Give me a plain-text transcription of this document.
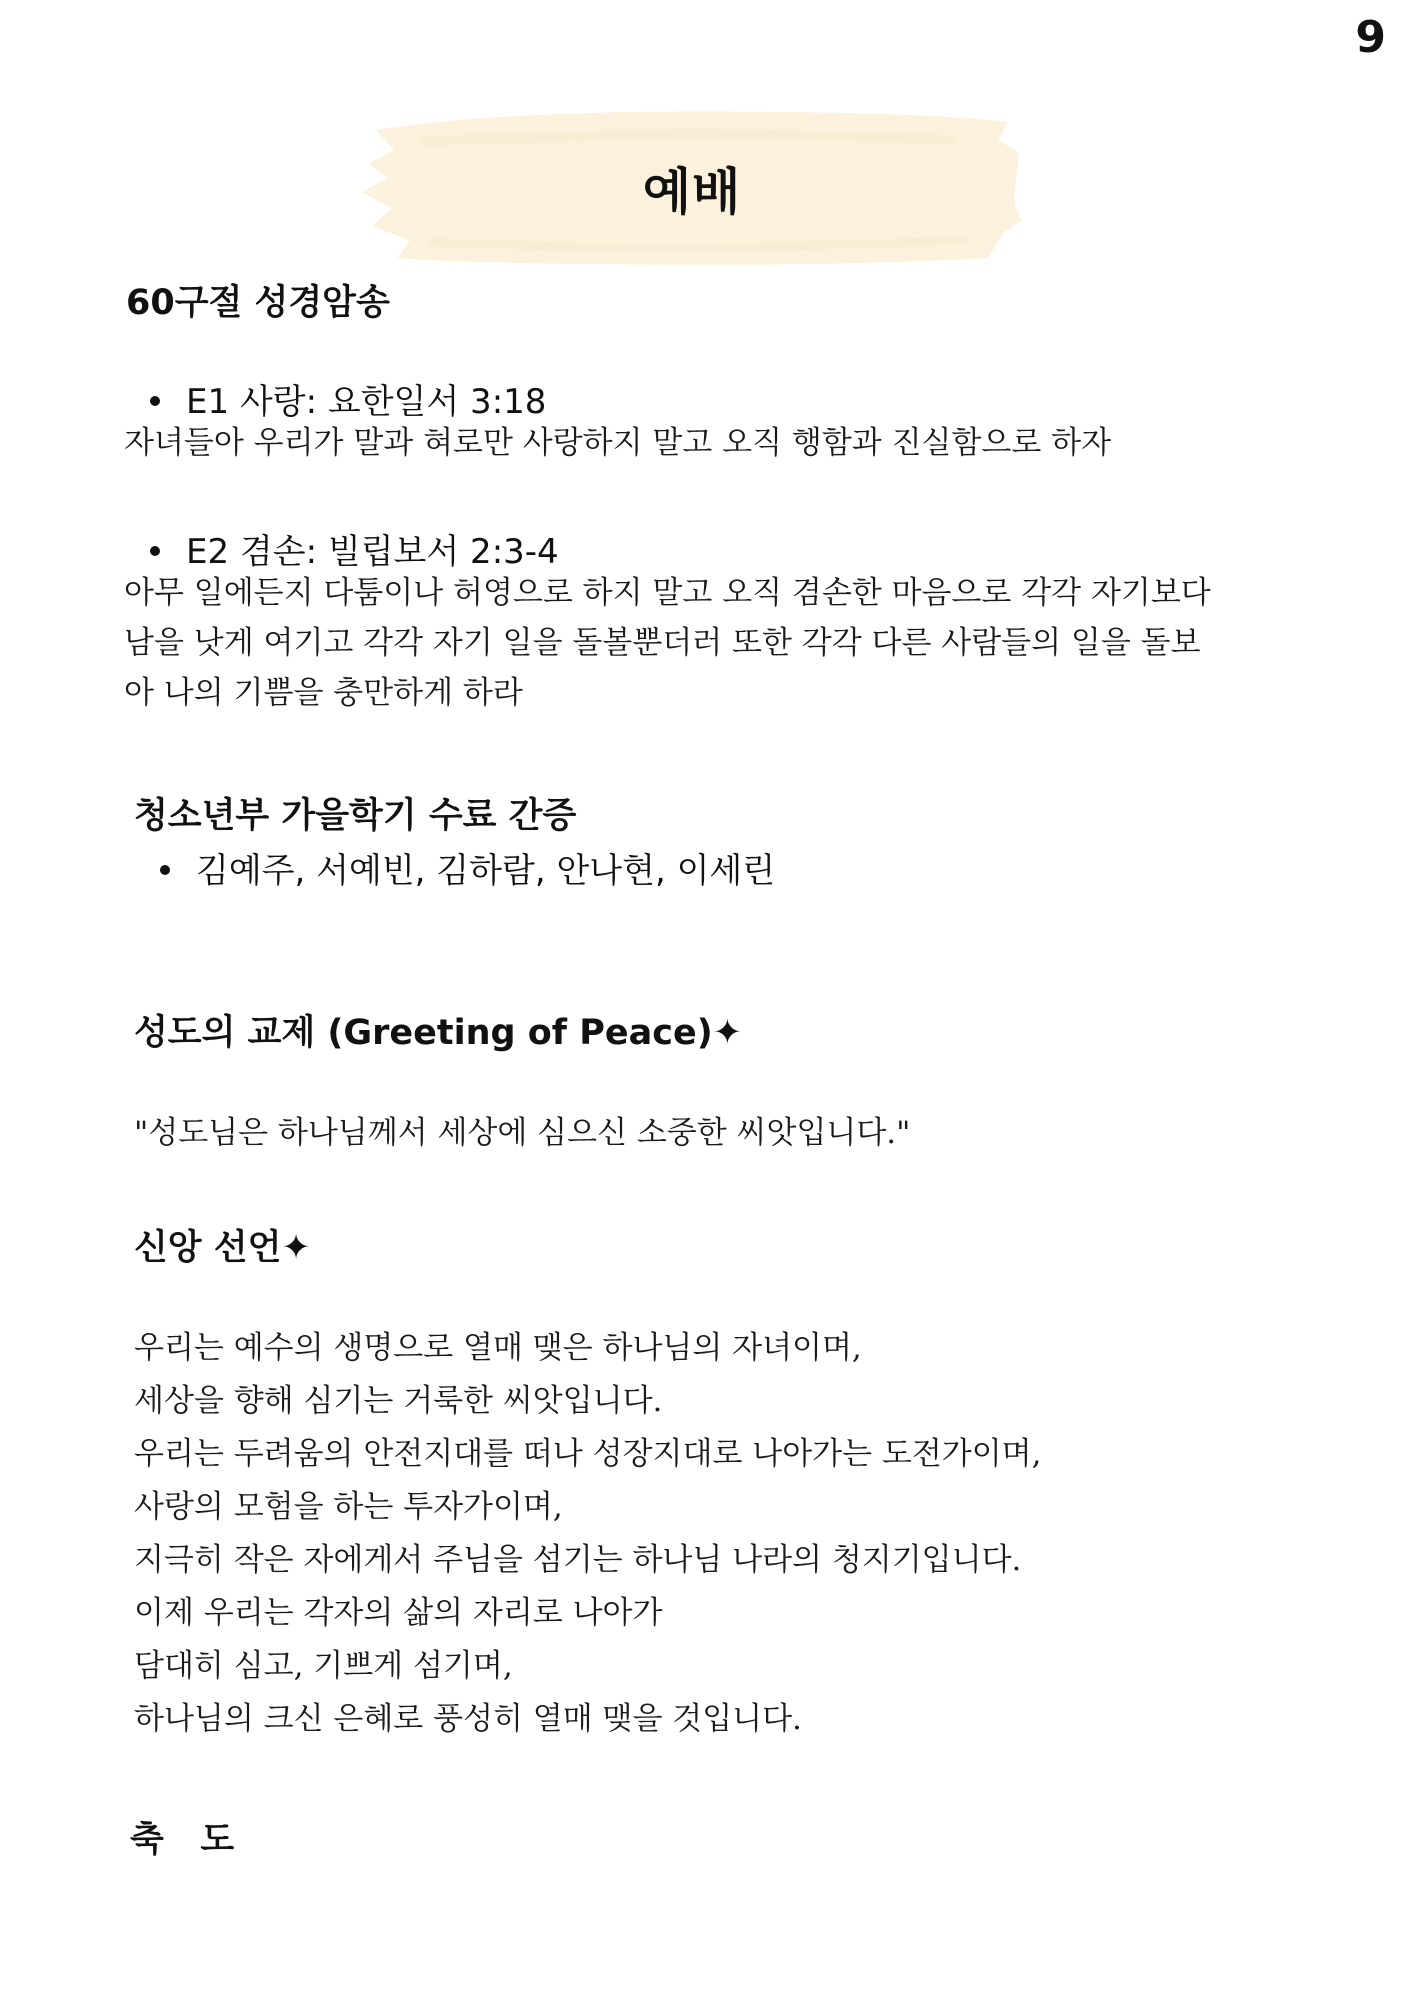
9
예배
60구절 성경암송
E1 사랑: 요한일서 3:18
자녀들아 우리가 말과 혀로만 사랑하지 말고 오직 행함과 진실함으로 하자
E2 겸손: 빌립보서 2:3-4
아무 일에든지 다툼이나 허영으로 하지 말고 오직 겸손한 마음으로 각각 자기보다
남을 낫게 여기고 각각 자기 일을 돌볼뿐더러 또한 각각 다른 사람들의 일을 돌보
아 나의 기쁨을 충만하게 하라
청소년부 가을학기 수료 간증
김예주, 서예빈, 김하람, 안나현, 이세린
성도의 교제 (Greeting of Peace)✦
"성도님은 하나님께서 세상에 심으신 소중한 씨앗입니다."
신앙 선언✦
우리는 예수의 생명으로 열매 맺은 하나님의 자녀이며,
세상을 향해 심기는 거룩한 씨앗입니다.
우리는 두려움의 안전지대를 떠나 성장지대로 나아가는 도전가이며,
사랑의 모험을 하는 투자가이며,
지극히 작은 자에게서 주님을 섬기는 하나님 나라의 청지기입니다.
이제 우리는 각자의 삶의 자리로 나아가
담대히 심고, 기쁘게 섬기며,
하나님의 크신 은혜로 풍성히 열매 맺을 것입니다.
축   도
